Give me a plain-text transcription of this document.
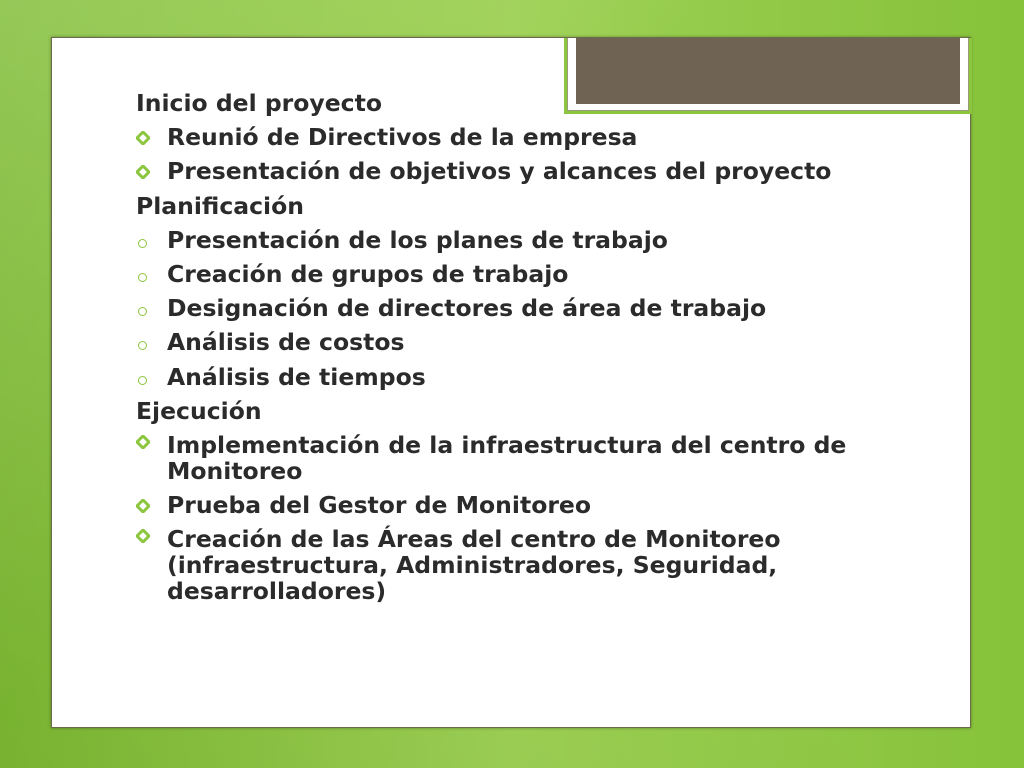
Inicio del proyecto
Reunió de Directivos de la empresa
Presentación de objetivos y alcances del proyecto
Planificación
Presentación de los planes de trabajo
Creación de grupos de trabajo
Designación de directores de área de trabajo
Análisis de costos
Análisis de tiempos
Ejecución
Implementación de la infraestructura del centro de Monitoreo
Prueba del Gestor de Monitoreo
Creación de las Áreas del centro de Monitoreo (infraestructura, Administradores, Seguridad, desarrolladores)
